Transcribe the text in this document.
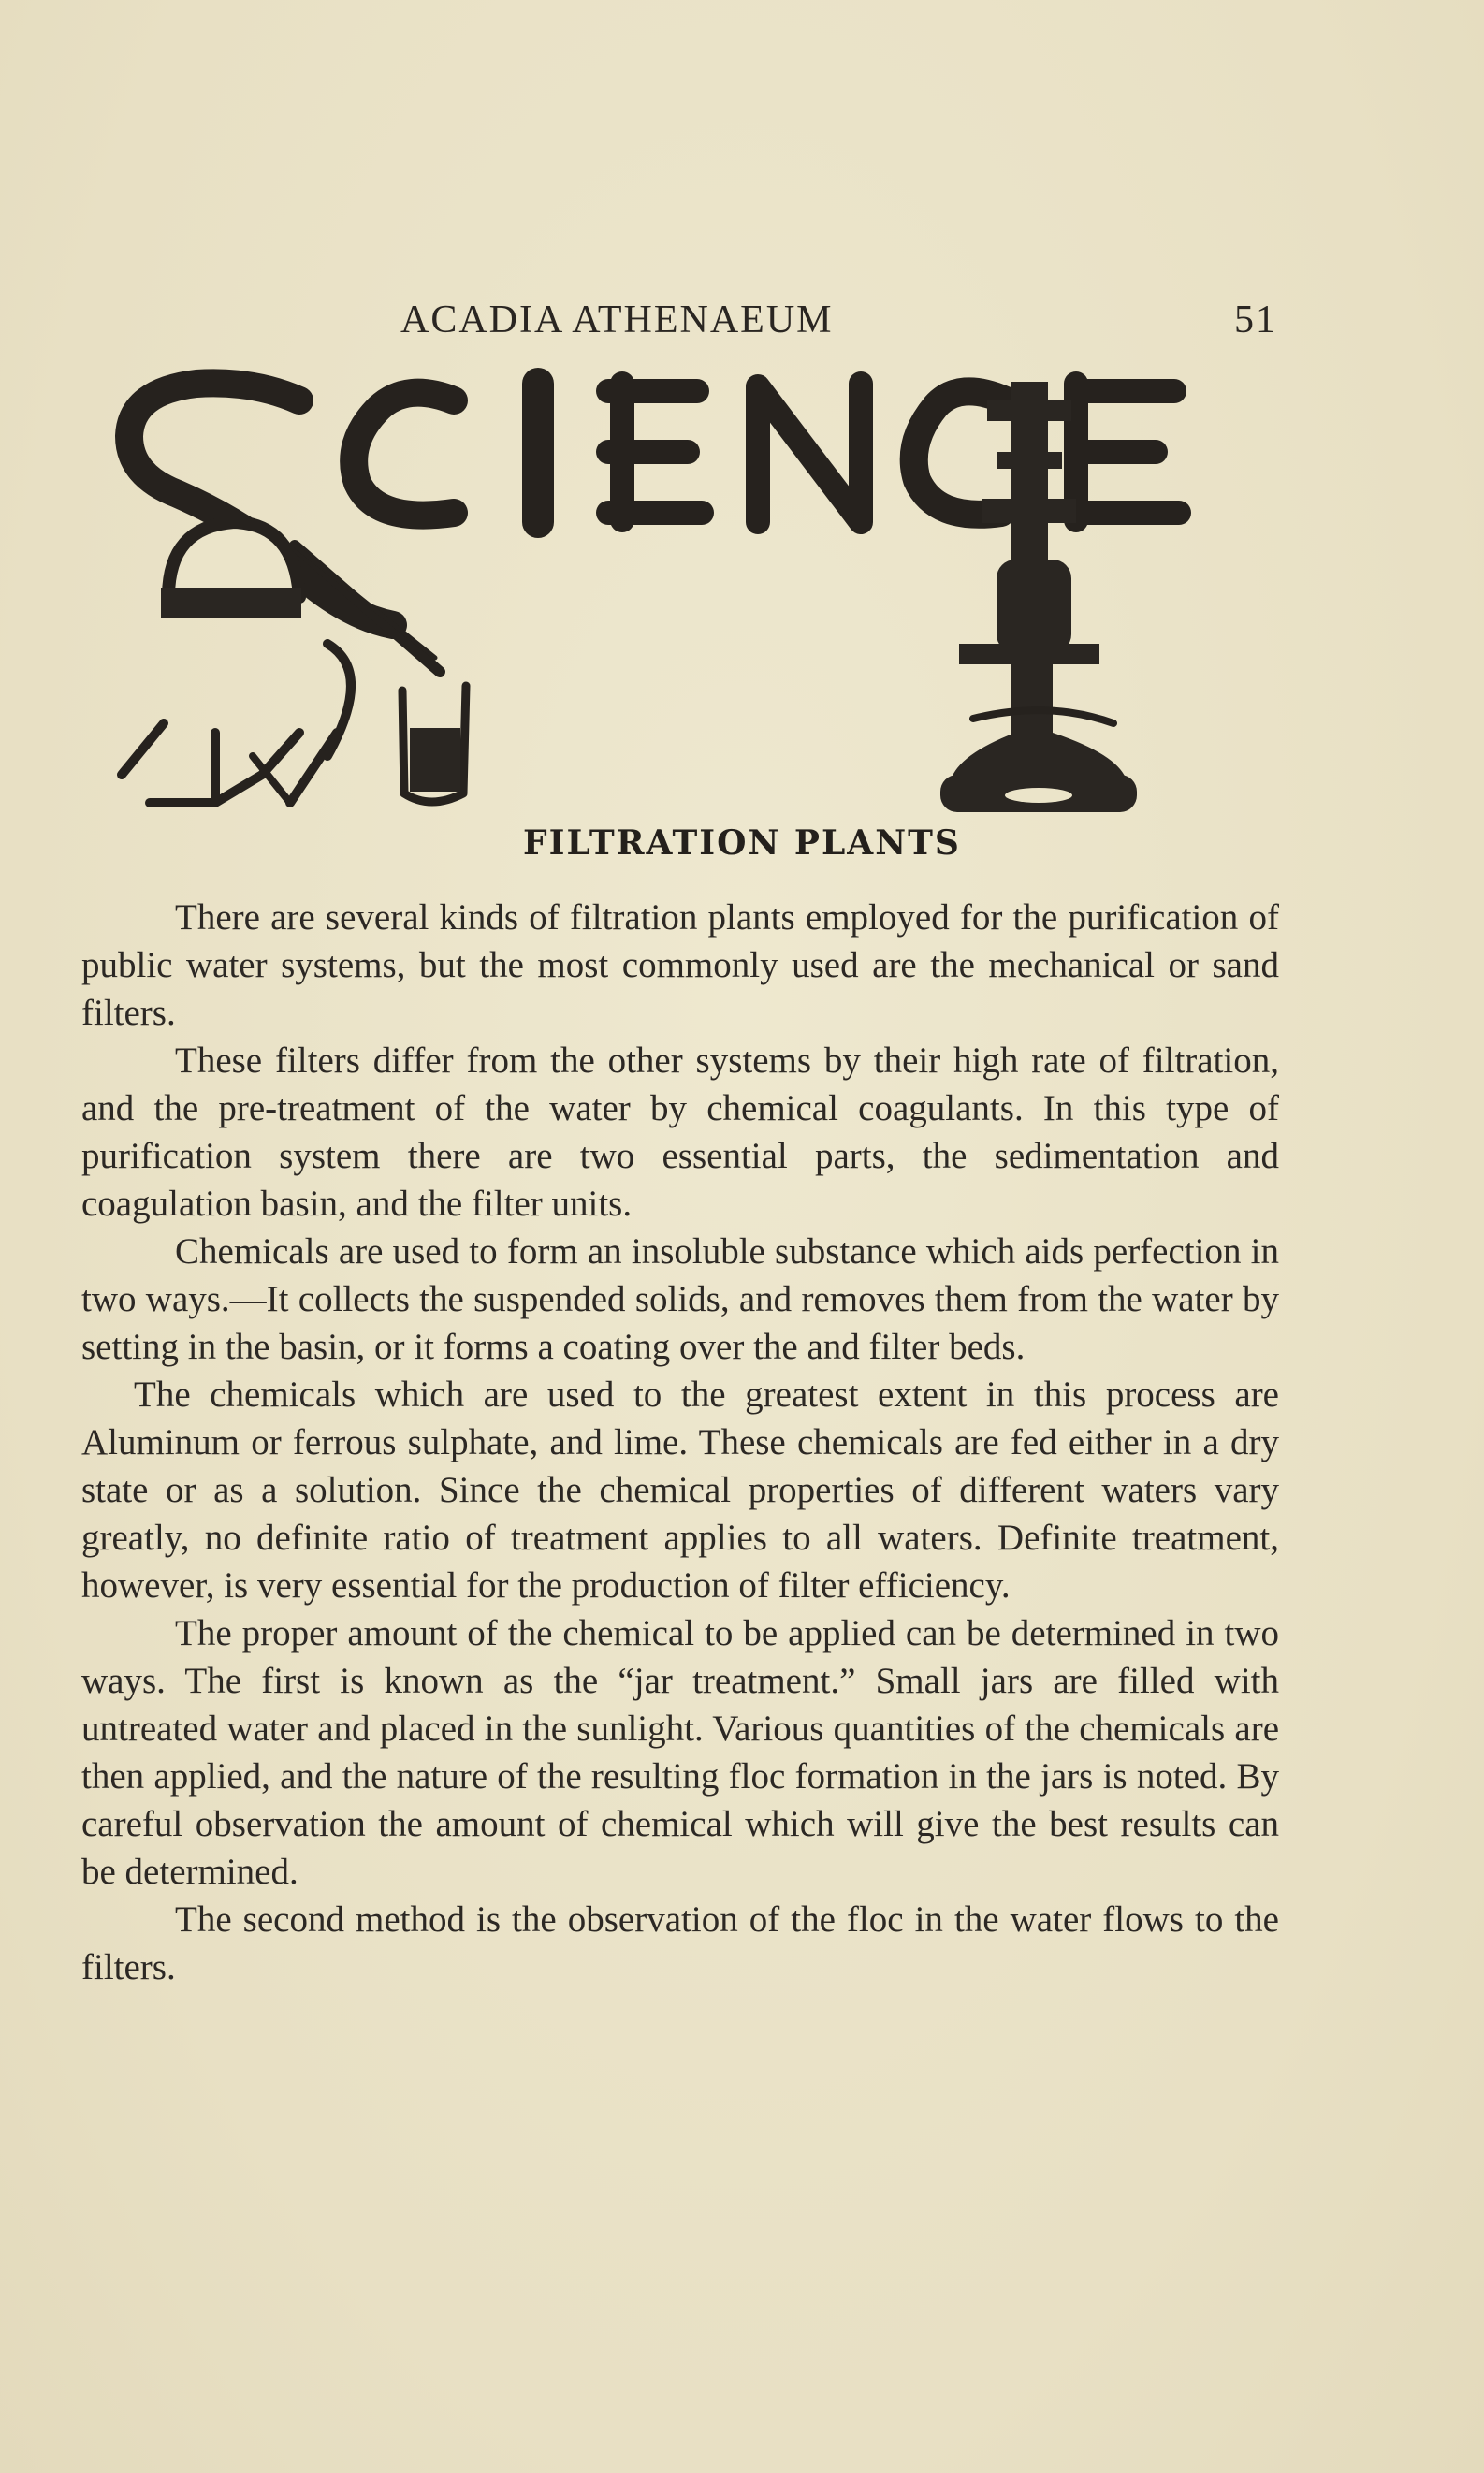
ACADIA ATHENAEUM	51
FILTRATION PLANTS

There are several kinds of filtration plants employed for the purification of public water systems, but the most commonly used are the mechanical or sand filters.

These filters differ from the other systems by their high rate of filtration, and the pre-treatment of the water by chemical coagulants. In this type of purification system there are two essential parts, the sedimentation and coagulation basin, and the filter units.

Chemicals are used to form an insoluble substance which aids perfection in two ways.—It collects the suspended solids, and removes them from the water by setting in the basin, or it forms a coating over the and filter beds.

The chemicals which are used to the greatest extent in this process are Aluminum or ferrous sulphate, and lime. These chemicals are fed either in a dry state or as a solution. Since the chemical properties of different waters vary greatly, no definite ratio of treatment applies to all waters. Definite treatment, however, is very essential for the production of filter efficiency.

The proper amount of the chemical to be applied can be determined in two ways. The first is known as the “jar treatment.” Small jars are filled with untreated water and placed in the sunlight. Various quantities of the chemicals are then applied, and the nature of the resulting floc formation in the jars is noted. By careful observation the amount of chemical which will give the best results can be determined.

The second method is the observation of the floc in the water flows to the filters.
